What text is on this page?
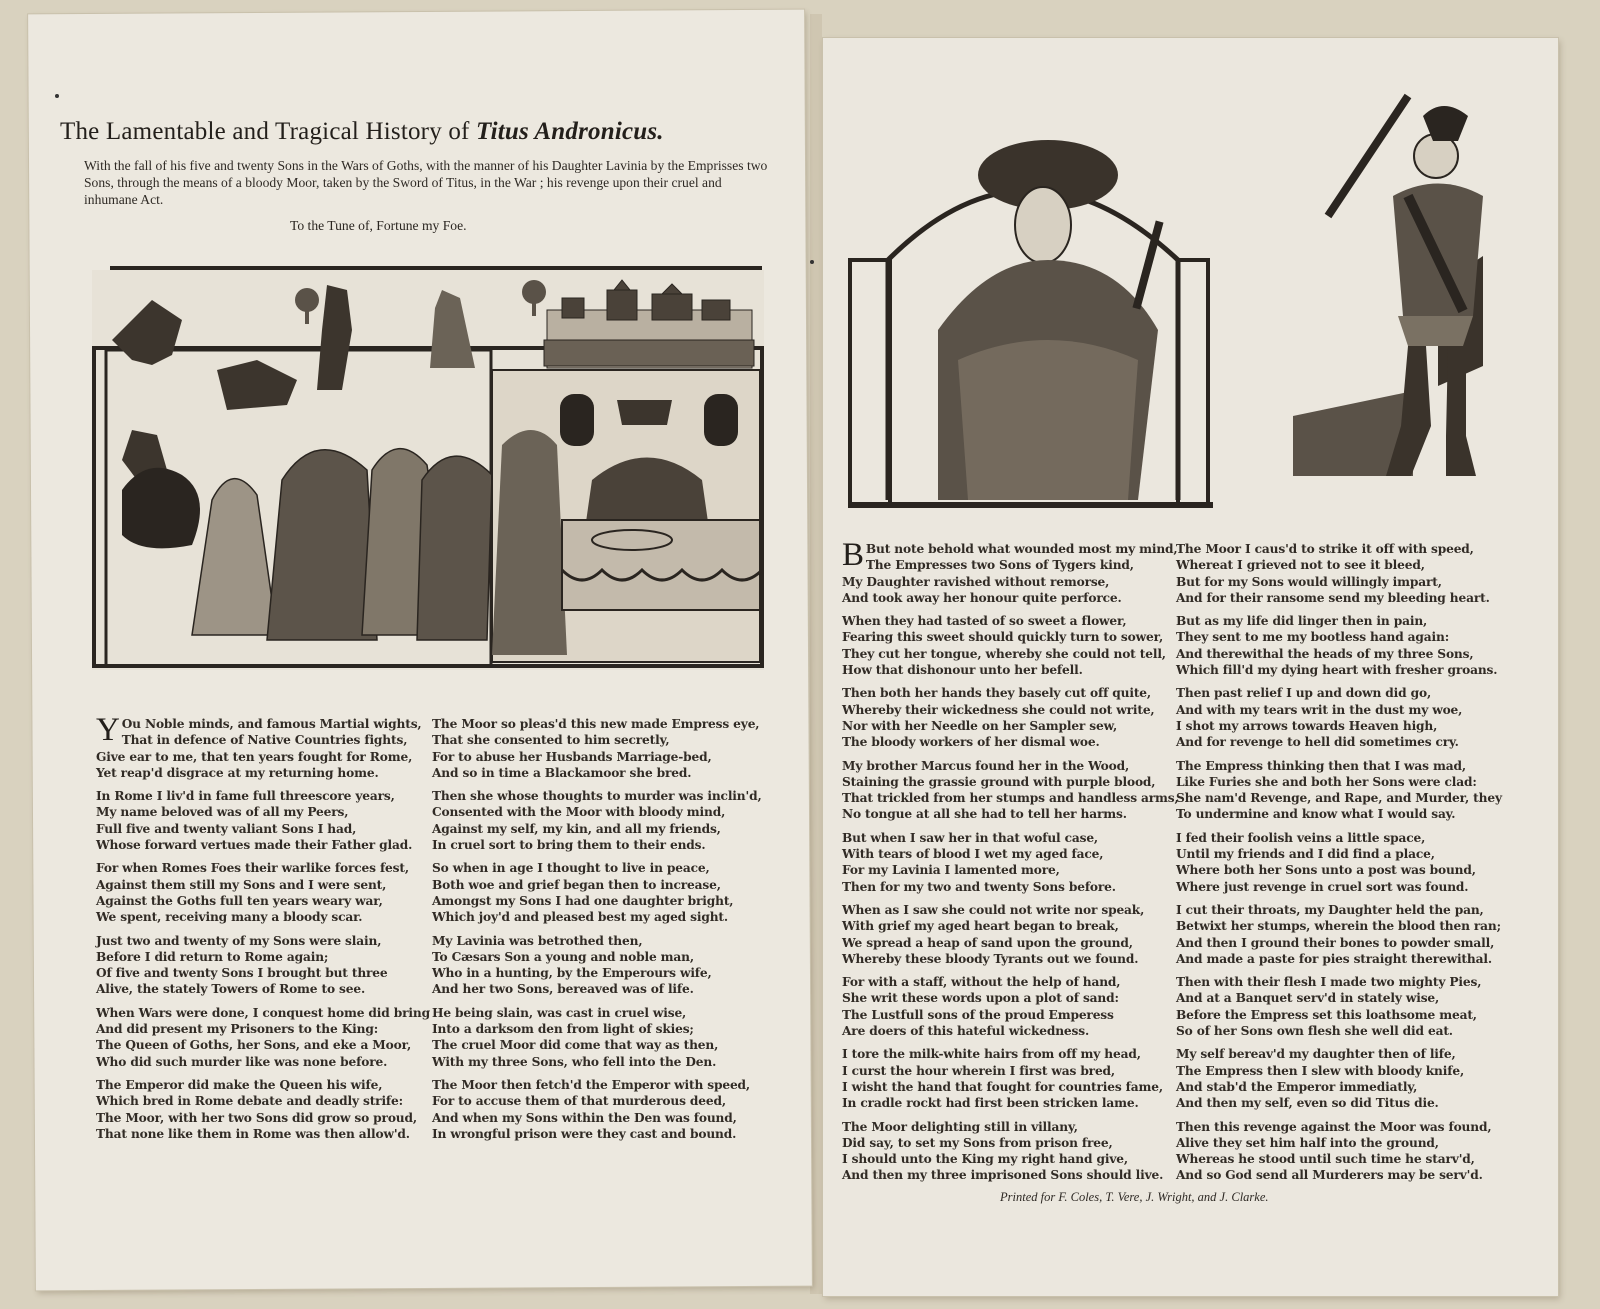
The Lamentable and Tragical History of Titus Andronicus.
With the fall of his five and twenty Sons in the Wars of Goths, with the manner of his Daughter Lavinia by the Emprisses two Sons, through the means of a bloody Moor, taken by the Sword of Titus, in the War ; his revenge upon their cruel and inhumane Act.
To the Tune of, Fortune my Foe.
Y Ou Noble minds, and famous Martial wights,
That in defence of Native Countries fights,
Give ear to me, that ten years fought for Rome,
Yet reap'd disgrace at my returning home.
In Rome I liv'd in fame full threescore years,
My name beloved was of all my Peers,
Full five and twenty valiant Sons I had,
Whose forward vertues made their Father glad.
For when Romes Foes their warlike forces fest,
Against them still my Sons and I were sent,
Against the Goths full ten years weary war,
We spent, receiving many a bloody scar.
Just two and twenty of my Sons were slain,
Before I did return to Rome again;
Of five and twenty Sons I brought but three
Alive, the stately Towers of Rome to see.
When Wars were done, I conquest home did bring
And did present my Prisoners to the King:
The Queen of Goths, her Sons, and eke a Moor,
Who did such murder like was none before.
The Emperor did make the Queen his wife,
Which bred in Rome debate and deadly strife:
The Moor, with her two Sons did grow so proud,
That none like them in Rome was then allow'd.
The Moor so pleas'd this new made Empress eye,
That she consented to him secretly,
For to abuse her Husbands Marriage-bed,
And so in time a Blackamoor she bred.
Then she whose thoughts to murder was inclin'd,
Consented with the Moor with bloody mind,
Against my self, my kin, and all my friends,
In cruel sort to bring them to their ends.
So when in age I thought to live in peace,
Both woe and grief began then to increase,
Amongst my Sons I had one daughter bright,
Which joy'd and pleased best my aged sight.
My Lavinia was betrothed then,
To Cæsars Son a young and noble man,
Who in a hunting, by the Emperours wife,
And her two Sons, bereaved was of life.
He being slain, was cast in cruel wise,
Into a darksom den from light of skies;
The cruel Moor did come that way as then,
With my three Sons, who fell into the Den.
The Moor then fetch'd the Emperor with speed,
For to accuse them of that murderous deed,
And when my Sons within the Den was found,
In wrongful prison were they cast and bound.
B But note behold what wounded most my mind,
The Empresses two Sons of Tygers kind,
My Daughter ravished without remorse,
And took away her honour quite perforce.
When they had tasted of so sweet a flower,
Fearing this sweet should quickly turn to sower,
They cut her tongue, whereby she could not tell,
How that dishonour unto her befell.
Then both her hands they basely cut off quite,
Whereby their wickedness she could not write,
Nor with her Needle on her Sampler sew,
The bloody workers of her dismal woe.
My brother Marcus found her in the Wood,
Staining the grassie ground with purple blood,
That trickled from her stumps and handless arms,
No tongue at all she had to tell her harms.
But when I saw her in that woful case,
With tears of blood I wet my aged face,
For my Lavinia I lamented more,
Then for my two and twenty Sons before.
When as I saw she could not write nor speak,
With grief my aged heart began to break,
We spread a heap of sand upon the ground,
Whereby these bloody Tyrants out we found.
For with a staff, without the help of hand,
She writ these words upon a plot of sand:
The Lustfull sons of the proud Emperess
Are doers of this hateful wickedness.
I tore the milk-white hairs from off my head,
I curst the hour wherein I first was bred,
I wisht the hand that fought for countries fame,
In cradle rockt had first been stricken lame.
The Moor delighting still in villany,
Did say, to set my Sons from prison free,
I should unto the King my right hand give,
And then my three imprisoned Sons should live.
The Moor I caus'd to strike it off with speed,
Whereat I grieved not to see it bleed,
But for my Sons would willingly impart,
And for their ransome send my bleeding heart.
But as my life did linger then in pain,
They sent to me my bootless hand again:
And therewithal the heads of my three Sons,
Which fill'd my dying heart with fresher groans.
Then past relief I up and down did go,
And with my tears writ in the dust my woe,
I shot my arrows towards Heaven high,
And for revenge to hell did sometimes cry.
The Empress thinking then that I was mad,
Like Furies she and both her Sons were clad:
She nam'd Revenge, and Rape, and Murder, they
To undermine and know what I would say.
I fed their foolish veins a little space,
Until my friends and I did find a place,
Where both her Sons unto a post was bound,
Where just revenge in cruel sort was found.
I cut their throats, my Daughter held the pan,
Betwixt her stumps, wherein the blood then ran;
And then I ground their bones to powder small,
And made a paste for pies straight therewithal.
Then with their flesh I made two mighty Pies,
And at a Banquet serv'd in stately wise,
Before the Empress set this loathsome meat,
So of her Sons own flesh she well did eat.
My self bereav'd my daughter then of life,
The Empress then I slew with bloody knife,
And stab'd the Emperor immediatly,
And then my self, even so did Titus die.
Then this revenge against the Moor was found,
Alive they set him half into the ground,
Whereas he stood until such time he starv'd,
And so God send all Murderers may be serv'd.
Printed for F. Coles, T. Vere, J. Wright, and J. Clarke.
